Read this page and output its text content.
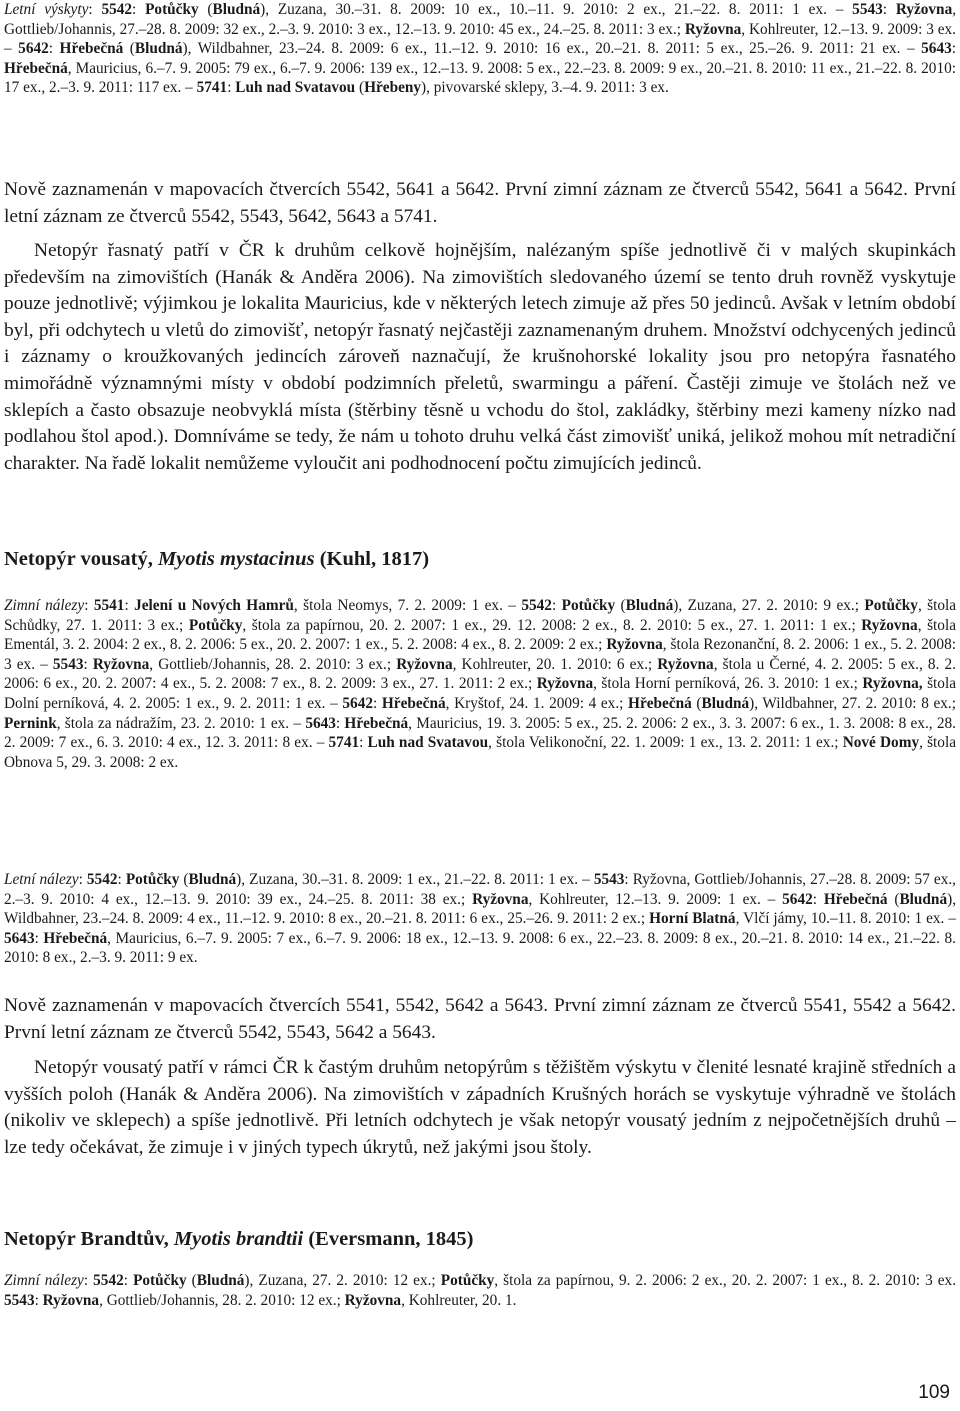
Letní výskyty: 5542: Potůčky (Bludná), Zuzana, 30.–31. 8. 2009: 10 ex., 10.–11. 9. 2010: 2 ex., 21.–22. 8. 2011: 1 ex. – 5543: Ryžovna, Gottlieb/Johannis, 27.–28. 8. 2009: 32 ex., 2.–3. 9. 2010: 3 ex., 12.–13. 9. 2010: 45 ex., 24.–25. 8. 2011: 3 ex.; Ryžovna, Kohlreuter, 12.–13. 9. 2009: 3 ex. – 5642: Hřebečná (Bludná), Wildbahner, 23.–24. 8. 2009: 6 ex., 11.–12. 9. 2010: 16 ex., 20.–21. 8. 2011: 5 ex., 25.–26. 9. 2011: 21 ex. – 5643: Hřebečná, Mauricius, 6.–7. 9. 2005: 79 ex., 6.–7. 9. 2006: 139 ex., 12.–13. 9. 2008: 5 ex., 22.–23. 8. 2009: 9 ex., 20.–21. 8. 2010: 11 ex., 21.–22. 8. 2010: 17 ex., 2.–3. 9. 2011: 117 ex. – 5741: Luh nad Svatavou (Hřebeny), pivovarské sklepy, 3.–4. 9. 2011: 3 ex.

Nově zaznamenán v mapovacích čtvercích 5542, 5641 a 5642. První zimní záznam ze čtverců 5542, 5641 a 5642. První letní záznam ze čtverců 5542, 5543, 5642, 5643 a 5741.

Netopýr řasnatý patří v ČR k druhům celkově hojnějším, nalézaným spíše jednotlivě či v malých skupinkách především na zimovištích (Hanák & Anděra 2006). Na zimovištích sledovaného území se tento druh rovněž vyskytuje pouze jednotlivě; výjimkou je lokalita Mauricius, kde v některých letech zimuje až přes 50 jedinců. Avšak v letním období byl, při odchytech u vletů do zimovišť, netopýr řasnatý nejčastěji zaznamenaným druhem. Množství odchycených jedinců i záznamy o kroužkovaných jedincích zároveň naznačují, že krušnohorské lokality jsou pro netopýra řasnatého mimořádně významnými místy v období podzimních přeletů, swarmingu a páření. Častěji zimuje ve štolách než ve sklepích a často obsazuje neobvyklá místa (štěrbiny těsně u vchodu do štol, zakládky, štěrbiny mezi kameny nízko nad podlahou štol apod.). Domníváme se tedy, že nám u tohoto druhu velká část zimovišť uniká, jelikož mohou mít netradiční charakter. Na řadě lokalit nemůžeme vyloučit ani podhodnocení počtu zimujících jedinců.

Netopýr vousatý, Myotis mystacinus (Kuhl, 1817)

Zimní nálezy: 5541: Jelení u Nových Hamrů, štola Neomys, 7. 2. 2009: 1 ex. – 5542: Potůčky (Bludná), Zuzana, 27. 2. 2010: 9 ex.; Potůčky, štola Schůdky, 27. 1. 2011: 3 ex.; Potůčky, štola za papírnou, 20. 2. 2007: 1 ex., 29. 12. 2008: 2 ex., 8. 2. 2010: 5 ex., 27. 1. 2011: 1 ex.; Ryžovna, štola Ementál, 3. 2. 2004: 2 ex., 8. 2. 2006: 5 ex., 20. 2. 2007: 1 ex., 5. 2. 2008: 4 ex., 8. 2. 2009: 2 ex.; Ryžovna, štola Rezonanční, 8. 2. 2006: 1 ex., 5. 2. 2008: 3 ex. – 5543: Ryžovna, Gottlieb/Johannis, 28. 2. 2010: 3 ex.; Ryžovna, Kohlreuter, 20. 1. 2010: 6 ex.; Ryžovna, štola u Černé, 4. 2. 2005: 5 ex., 8. 2. 2006: 6 ex., 20. 2. 2007: 4 ex., 5. 2. 2008: 7 ex., 8. 2. 2009: 3 ex., 27. 1. 2011: 2 ex.; Ryžovna, štola Horní perníková, 26. 3. 2010: 1 ex.; Ryžovna, štola Dolní perníková, 4. 2. 2005: 1 ex., 9. 2. 2011: 1 ex. – 5642: Hřebečná, Kryštof, 24. 1. 2009: 4 ex.; Hřebečná (Bludná), Wildbahner, 27. 2. 2010: 8 ex.; Pernink, štola za nádražím, 23. 2. 2010: 1 ex. – 5643: Hřebečná, Mauricius, 19. 3. 2005: 5 ex., 25. 2. 2006: 2 ex., 3. 3. 2007: 6 ex., 1. 3. 2008: 8 ex., 28. 2. 2009: 7 ex., 6. 3. 2010: 4 ex., 12. 3. 2011: 8 ex. – 5741: Luh nad Svatavou, štola Velikonoční, 22. 1. 2009: 1 ex., 13. 2. 2011: 1 ex.; Nové Domy, štola Obnova 5, 29. 3. 2008: 2 ex.

Letní nálezy: 5542: Potůčky (Bludná), Zuzana, 30.–31. 8. 2009: 1 ex., 21.–22. 8. 2011: 1 ex. – 5543: Ryžovna, Gottlieb/Johannis, 27.–28. 8. 2009: 57 ex., 2.–3. 9. 2010: 4 ex., 12.–13. 9. 2010: 39 ex., 24.–25. 8. 2011: 38 ex.; Ryžovna, Kohlreuter, 12.–13. 9. 2009: 1 ex. – 5642: Hřebečná (Bludná), Wildbahner, 23.–24. 8. 2009: 4 ex., 11.–12. 9. 2010: 8 ex., 20.–21. 8. 2011: 6 ex., 25.–26. 9. 2011: 2 ex.; Horní Blatná, Vlčí jámy, 10.–11. 8. 2010: 1 ex. – 5643: Hřebečná, Mauricius, 6.–7. 9. 2005: 7 ex., 6.–7. 9. 2006: 18 ex., 12.–13. 9. 2008: 6 ex., 22.–23. 8. 2009: 8 ex., 20.–21. 8. 2010: 14 ex., 21.–22. 8. 2010: 8 ex., 2.–3. 9. 2011: 9 ex.

Nově zaznamenán v mapovacích čtvercích 5541, 5542, 5642 a 5643. První zimní záznam ze čtverců 5541, 5542 a 5642. První letní záznam ze čtverců 5542, 5543, 5642 a 5643.

Netopýr vousatý patří v rámci ČR k častým druhům netopýrům s těžištěm výskytu v členité lesnaté krajině středních a vyšších poloh (Hanák & Anděra 2006). Na zimovištích v západních Krušných horách se vyskytuje výhradně ve štolách (nikoliv ve sklepech) a spíše jednotlivě. Při letních odchytech je však netopýr vousatý jedním z nejpočetnějších druhů – lze tedy očekávat, že zimuje i v jiných typech úkrytů, než jakými jsou štoly.

Netopýr Brandtův, Myotis brandtii (Eversmann, 1845)

Zimní nálezy: 5542: Potůčky (Bludná), Zuzana, 27. 2. 2010: 12 ex.; Potůčky, štola za papírnou, 9. 2. 2006: 2 ex., 20. 2. 2007: 1 ex., 8. 2. 2010: 3 ex. 5543: Ryžovna, Gottlieb/Johannis, 28. 2. 2010: 12 ex.; Ryžovna, Kohlreuter, 20. 1.

109
